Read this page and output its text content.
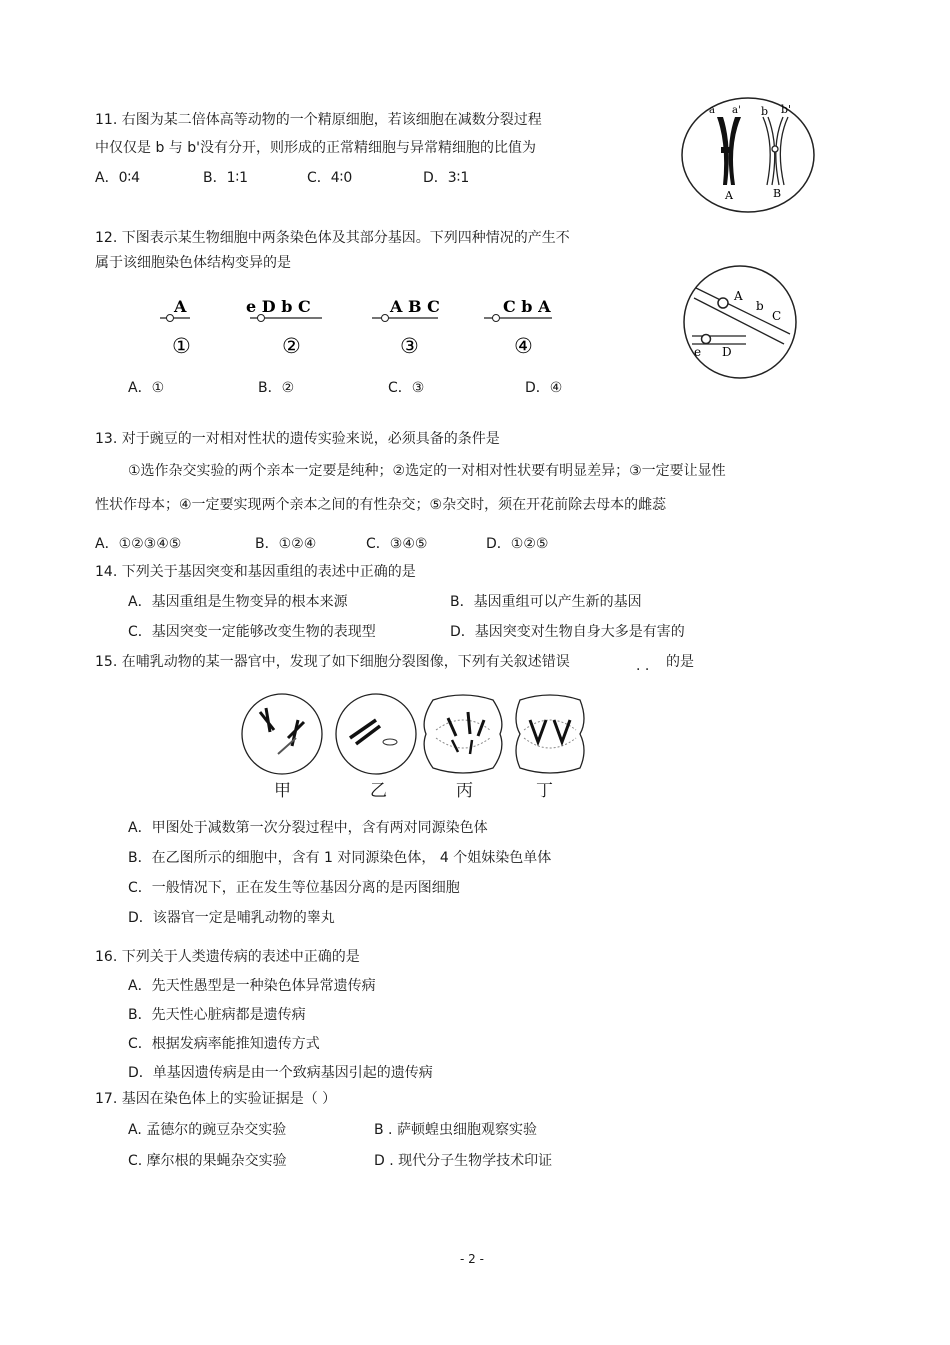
11. 右图为某二倍体高等动物的一个精原细胞，若该细胞在减数分裂过程
中仅仅是 b 与 b'没有分开，则形成的正常精细胞与异常精细胞的比值为
A．0∶4	B．1∶1	C．4∶0	D．3∶1
a a' b b'
A	B
12. 下图表示某生物细胞中两条染色体及其部分基因。下列四种情况的产生不
属于该细胞染色体结构变异的是
A
①
e D b C
②
A B C
③
C b A
④
A
b
C
e D
A．①	B．②	C．③	D．④
13. 对于豌豆的一对相对性状的遗传实验来说，必须具备的条件是
①选作杂交实验的两个亲本一定要是纯种；②选定的一对相对性状要有明显差异；③一定要让显性
性状作母本；④一定要实现两个亲本之间的有性杂交；⑤杂交时，须在开花前除去母本的雌蕊
A．①②③④⑤	B．①②④	C．③④⑤	D．①②⑤
14. 下列关于基因突变和基因重组的表述中正确的是
A．基因重组是生物变异的根本来源	B．基因重组可以产生新的基因
C．基因突变一定能够改变生物的表现型	D．基因突变对生物自身大多是有害的
15. 在哺乳动物的某一器官中，发现了如下细胞分裂图像，下列有关叙述错误	. . 的是
甲	乙	丙	丁
A．甲图处于减数第一次分裂过程中，含有两对同源染色体
B．在乙图所示的细胞中，含有 1 对同源染色体， 4 个姐妹染色单体
C．一般情况下，正在发生等位基因分离的是丙图细胞
D．该器官一定是哺乳动物的睾丸
16. 下列关于人类遗传病的表述中正确的是
A．先天性愚型是一种染色体异常遗传病
B．先天性心脏病都是遗传病
C．根据发病率能推知遗传方式
D．单基因遗传病是由一个致病基因引起的遗传病
17. 基因在染色体上的实验证据是（ ）
A. 孟德尔的豌豆杂交实验	B . 萨顿蝗虫细胞观察实验
C. 摩尔根的果蝇杂交实验	D . 现代分子生物学技术印证
- 2 -
